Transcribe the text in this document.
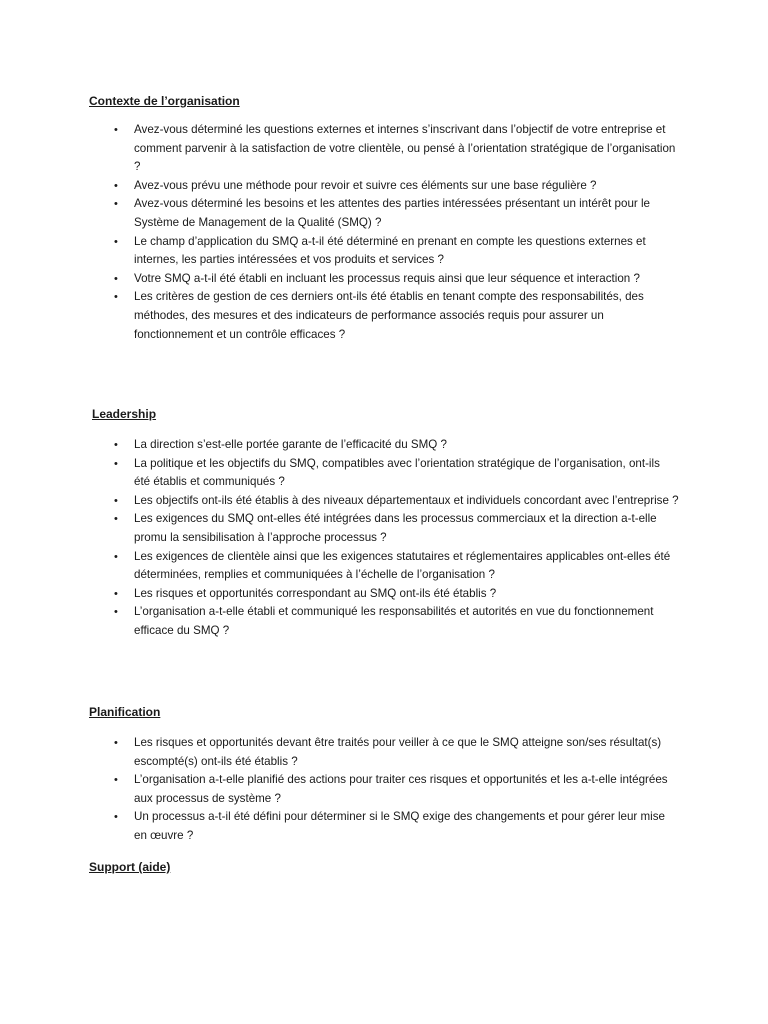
Contexte de l’organisation
• Avez-vous déterminé les questions externes et internes s’inscrivant dans l’objectif de votre entreprise et comment parvenir à la satisfaction de votre clientèle, ou pensé à l’orientation stratégique de l’organisation ?
• Avez-vous prévu une méthode pour revoir et suivre ces éléments sur une base régulière ?
• Avez-vous déterminé les besoins et les attentes des parties intéressées présentant un intérêt pour le Système de Management de la Qualité (SMQ) ?
• Le champ d’application du SMQ a-t-il été déterminé en prenant en compte les questions externes et internes, les parties intéressées et vos produits et services ?
• Votre SMQ a-t-il été établi en incluant les processus requis ainsi que leur séquence et interaction ?
• Les critères de gestion de ces derniers ont-ils été établis en tenant compte des responsabilités, des méthodes, des mesures et des indicateurs de performance associés requis pour assurer un fonctionnement et un contrôle efficaces ?
Leadership
• La direction s’est-elle portée garante de l’efficacité du SMQ ?
• La politique et les objectifs du SMQ, compatibles avec l’orientation stratégique de l’organisation, ont-ils été établis et communiqués ?
• Les objectifs ont-ils été établis à des niveaux départementaux et individuels concordant avec l’entreprise ?
• Les exigences du SMQ ont-elles été intégrées dans les processus commerciaux et la direction a-t-elle promu la sensibilisation à l’approche processus ?
• Les exigences de clientèle ainsi que les exigences statutaires et réglementaires applicables ont-elles été déterminées, remplies et communiquées à l’échelle de l’organisation ?
• Les risques et opportunités correspondant au SMQ ont-ils été établis ?
• L’organisation a-t-elle établi et communiqué les responsabilités et autorités en vue du fonctionnement efficace du SMQ ?
Planification
• Les risques et opportunités devant être traités pour veiller à ce que le SMQ atteigne son/ses résultat(s) escompté(s) ont-ils été établis ?
• L’organisation a-t-elle planifié des actions pour traiter ces risques et opportunités et les a-t-elle intégrées aux processus de système ?
• Un processus a-t-il été défini pour déterminer si le SMQ exige des changements et pour gérer leur mise en œuvre ?
Support (aide)
